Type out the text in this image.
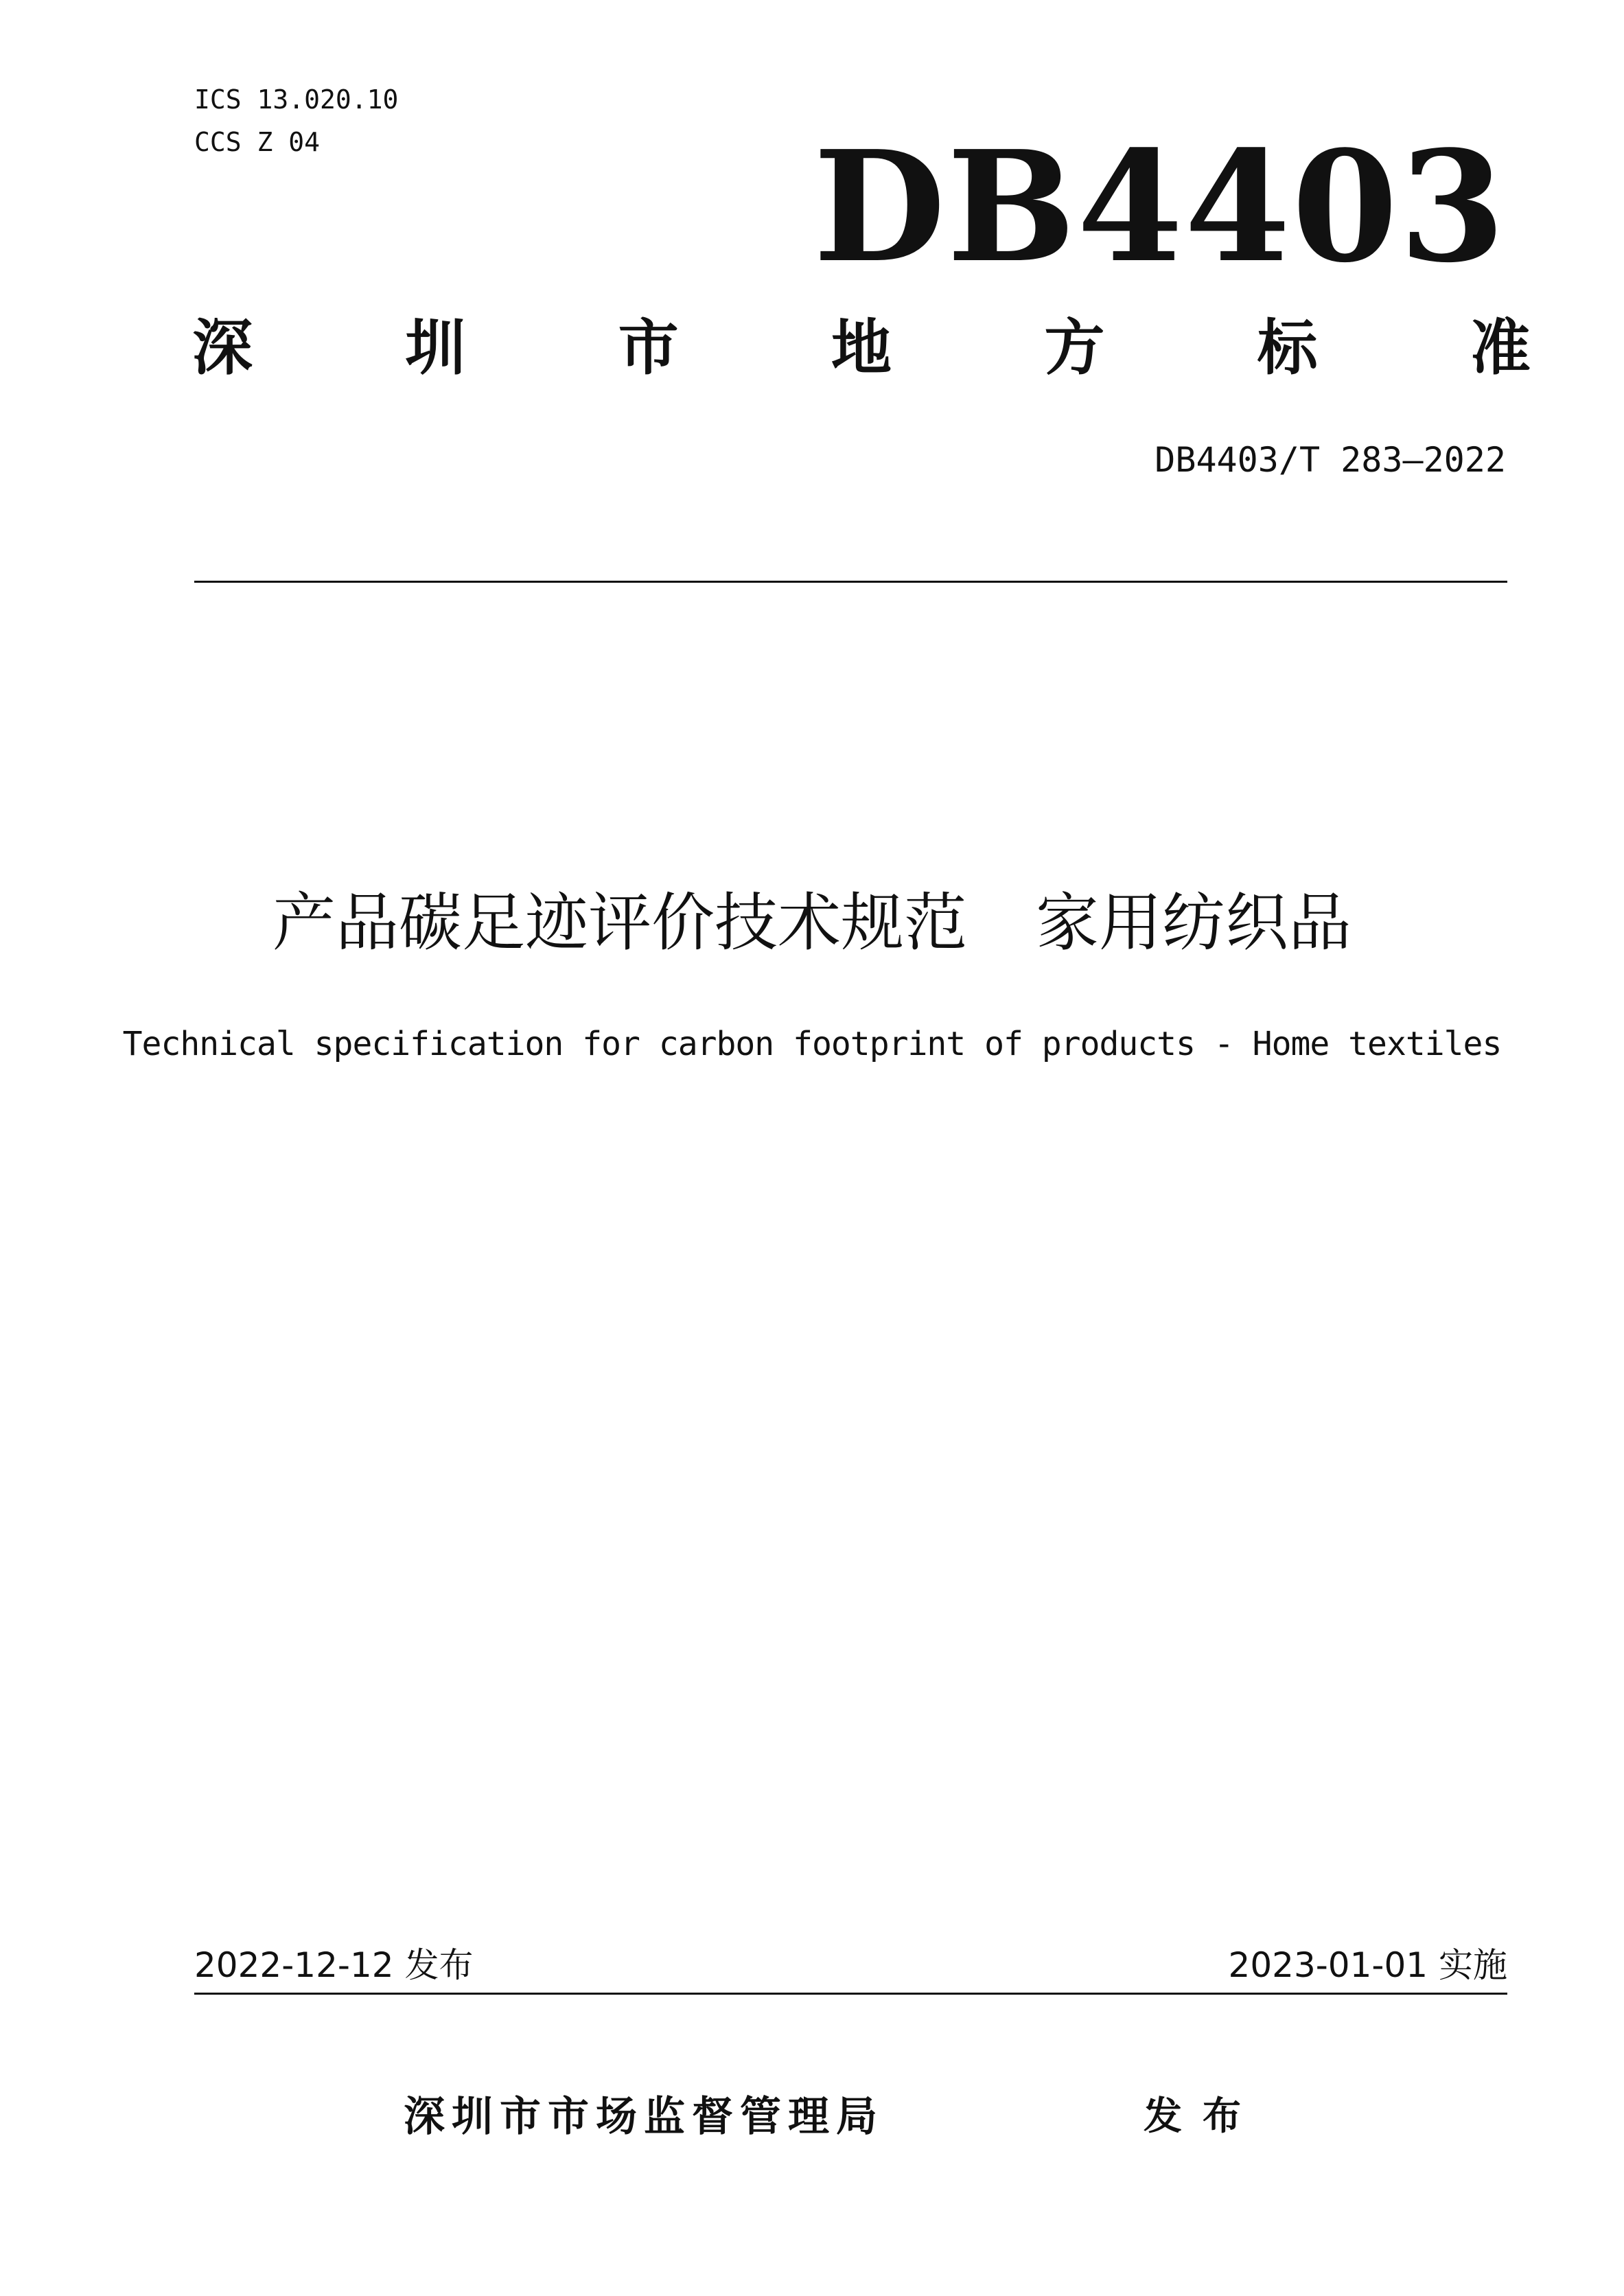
ICS 13.020.10
CCS Z 04	DB4403
深	圳	市	地	方	标	准
DB4403/T 283—2022
产品碳足迹评价技术规范 家用纺织品
Technical specification for carbon footprint of products - Home textiles
2022-12-12 发布	2023-01-01 实施
深圳市市场监督管理局	发布
